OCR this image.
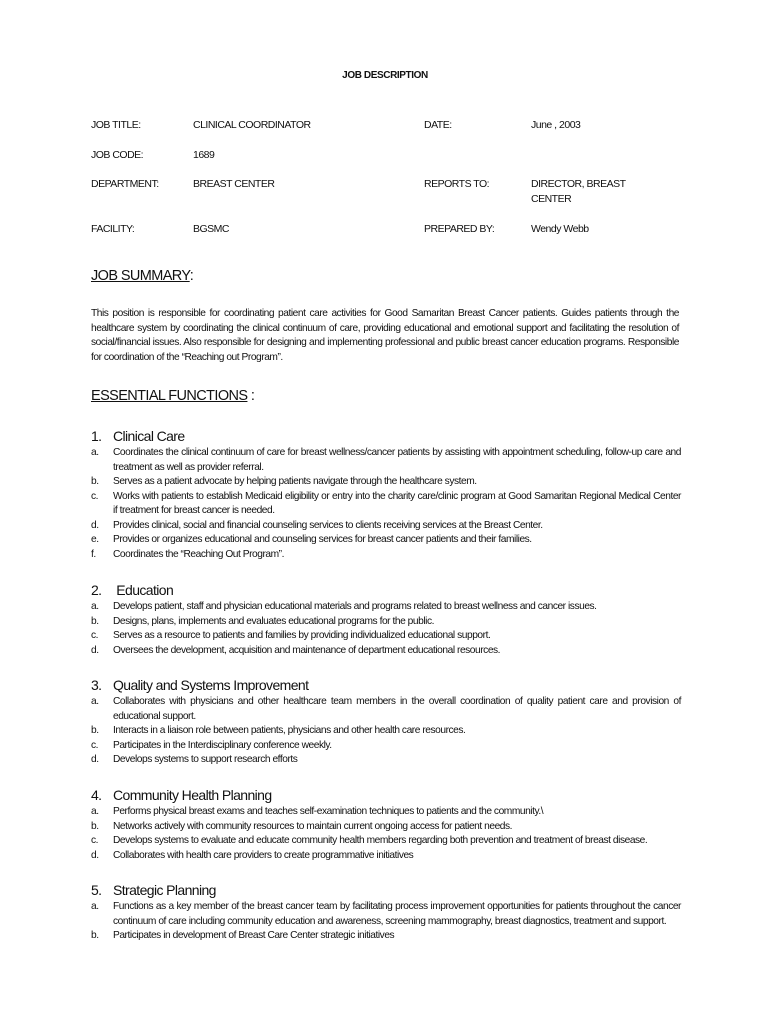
JOB DESCRIPTION
JOB TITLE:	CLINICAL COORDINATOR	DATE:	June , 2003
JOB CODE:	1689
DEPARTMENT:	BREAST CENTER	REPORTS TO:	DIRECTOR, BREAST
CENTER
FACILITY:	BGSMC	PREPARED BY:	Wendy Webb
JOB SUMMARY:
This position is responsible for coordinating patient care activities for Good Samaritan Breast Cancer patients. Guides patients through the healthcare system by coordinating the clinical continuum of care, providing educational and emotional support and facilitating the resolution of social/financial issues. Also responsible for designing and implementing professional and public breast cancer education programs. Responsible for coordination of the “Reaching out Program”.
ESSENTIAL FUNCTIONS :
1. Clinical Care
a.	Coordinates the clinical continuum of care for breast wellness/cancer patients by assisting with appointment scheduling, follow-up care and treatment as well as provider referral.
b.	Serves as a patient advocate by helping patients navigate through the healthcare system.
c.	Works with patients to establish Medicaid eligibility or entry into the charity care/clinic program at Good Samaritan Regional Medical Center if treatment for breast cancer is needed.
d.	Provides clinical, social and financial counseling services to clients receiving services at the Breast Center.
e.	Provides or organizes educational and counseling services for breast cancer patients and their families.
f.	Coordinates the “Reaching Out Program”.
2. Education
a.	Develops patient, staff and physician educational materials and programs related to breast wellness and cancer issues.
b.	Designs, plans, implements and evaluates educational programs for the public.
c.	Serves as a resource to patients and families by providing individualized educational support.
d.	Oversees the development, acquisition and maintenance of department educational resources.
3. Quality and Systems Improvement
a.	Collaborates with physicians and other healthcare team members in the overall coordination of quality patient care and provision of educational support.
b.	Interacts in a liaison role between patients, physicians and other health care resources.
c.	Participates in the Interdisciplinary conference weekly.
d.	Develops systems to support research efforts
4. Community Health Planning
a.	Performs physical breast exams and teaches self-examination techniques to patients and the community.\
b.	Networks actively with community resources to maintain current ongoing access for patient needs.
c.	Develops systems to evaluate and educate community health members regarding both prevention and treatment of breast disease.
d.	Collaborates with health care providers to create programmative initiatives
5. Strategic Planning
a.	Functions as a key member of the breast cancer team by facilitating process improvement opportunities for patients throughout the cancer continuum of care including community education and awareness, screening mammography, breast diagnostics, treatment and support.
b.	Participates in development of Breast Care Center strategic initiatives
